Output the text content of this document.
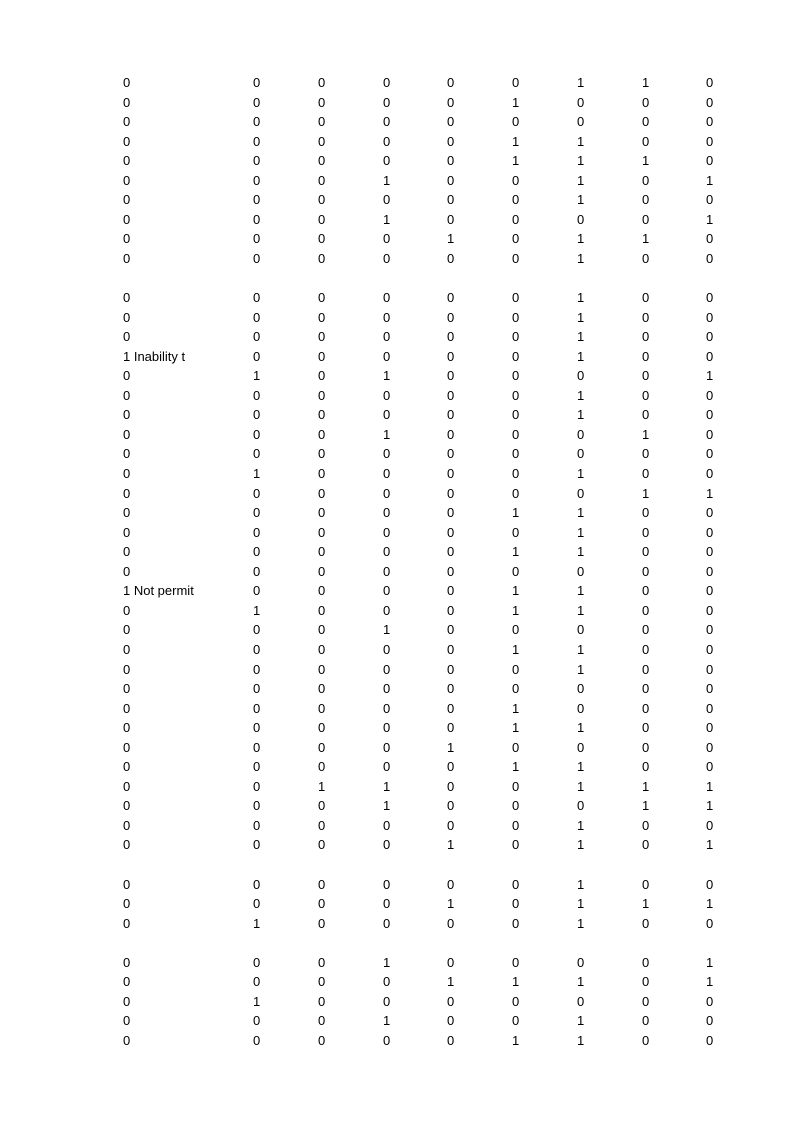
0	0	0	0	0	0	1	1	0
0	0	0	0	0	1	0	0	0
0	0	0	0	0	0	0	0	0
0	0	0	0	0	1	1	0	0
0	0	0	0	0	1	1	1	0
0	0	0	1	0	0	1	0	1
0	0	0	0	0	0	1	0	0
0	0	0	1	0	0	0	0	1
0	0	0	0	1	0	1	1	0
0	0	0	0	0	0	1	0	0
0	0	0	0	0	0	1	0	0
0	0	0	0	0	0	1	0	0
0	0	0	0	0	0	1	0	0
1 Inability t	0	0	0	0	0	1	0	0
0	1	0	1	0	0	0	0	1
0	0	0	0	0	0	1	0	0
0	0	0	0	0	0	1	0	0
0	0	0	1	0	0	0	1	0
0	0	0	0	0	0	0	0	0
0	1	0	0	0	0	1	0	0
0	0	0	0	0	0	0	1	1
0	0	0	0	0	1	1	0	0
0	0	0	0	0	0	1	0	0
0	0	0	0	0	1	1	0	0
0	0	0	0	0	0	0	0	0
1 Not permit	0	0	0	0	1	1	0	0
0	1	0	0	0	1	1	0	0
0	0	0	1	0	0	0	0	0
0	0	0	0	0	1	1	0	0
0	0	0	0	0	0	1	0	0
0	0	0	0	0	0	0	0	0
0	0	0	0	0	1	0	0	0
0	0	0	0	0	1	1	0	0
0	0	0	0	1	0	0	0	0
0	0	0	0	0	1	1	0	0
0	0	1	1	0	0	1	1	1
0	0	0	1	0	0	0	1	1
0	0	0	0	0	0	1	0	0
0	0	0	0	1	0	1	0	1
0	0	0	0	0	0	1	0	0
0	0	0	0	1	0	1	1	1
0	1	0	0	0	0	1	0	0
0	0	0	1	0	0	0	0	1
0	0	0	0	1	1	1	0	1
0	1	0	0	0	0	0	0	0
0	0	0	1	0	0	1	0	0
0	0	0	0	0	1	1	0	0
